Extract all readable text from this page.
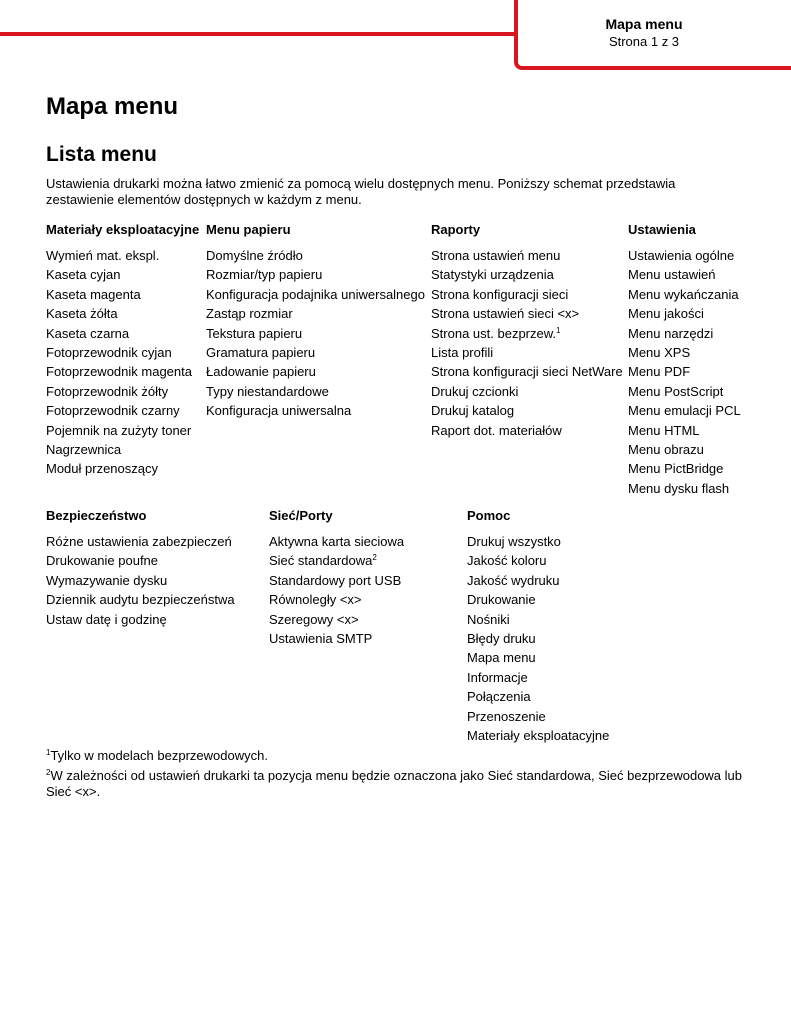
Mapa menu
Strona 1 z 3
Mapa menu
Lista menu

Ustawienia drukarki można łatwo zmienić za pomocą wielu dostępnych menu. Poniższy schemat przedstawia zestawienie elementów dostępnych w każdym z menu.

Materiały eksploatacyjne
Wymień mat. ekspl.
Kaseta cyjan
Kaseta magenta
Kaseta żółta
Kaseta czarna
Fotoprzewodnik cyjan
Fotoprzewodnik magenta
Fotoprzewodnik żółty
Fotoprzewodnik czarny
Pojemnik na zużyty toner
Nagrzewnica
Moduł przenoszący
Menu papieru
Domyślne źródło
Rozmiar/typ papieru
Konfiguracja podajnika uniwersalnego
Zastąp rozmiar
Tekstura papieru
Gramatura papieru
Ładowanie papieru
Typy niestandardowe
Konfiguracja uniwersalna
Raporty
Strona ustawień menu
Statystyki urządzenia
Strona konfiguracji sieci
Strona ustawień sieci <x>
Strona ust. bezprzew.$^1$
Lista profili
Strona konfiguracji sieci NetWare
Drukuj czcionki
Drukuj katalog
Raport dot. materiałów
Ustawienia
Ustawienia ogólne
Menu ustawień
Menu wykańczania
Menu jakości
Menu narzędzi
Menu XPS
Menu PDF
Menu PostScript
Menu emulacji PCL
Menu HTML
Menu obrazu
Menu PictBridge
Menu dysku flash
Bezpieczeństwo
Różne ustawienia zabezpieczeń
Drukowanie poufne
Wymazywanie dysku
Dziennik audytu bezpieczeństwa
Ustaw datę i godzinę
Sieć/Porty
Aktywna karta sieciowa
Sieć standardowa$^2$
Standardowy port USB
Równoległy <x>
Szeregowy <x>
Ustawienia SMTP
Pomoc
Drukuj wszystko
Jakość koloru
Jakość wydruku
Drukowanie
Nośniki
Błędy druku
Mapa menu
Informacje
Połączenia
Przenoszenie
Materiały eksploatacyjne

$^1$Tylko w modelach bezprzewodowych.

$^2$W zależności od ustawień drukarki ta pozycja menu będzie oznaczona jako Sieć standardowa, Sieć bezprzewodowa lub Sieć <x>.
